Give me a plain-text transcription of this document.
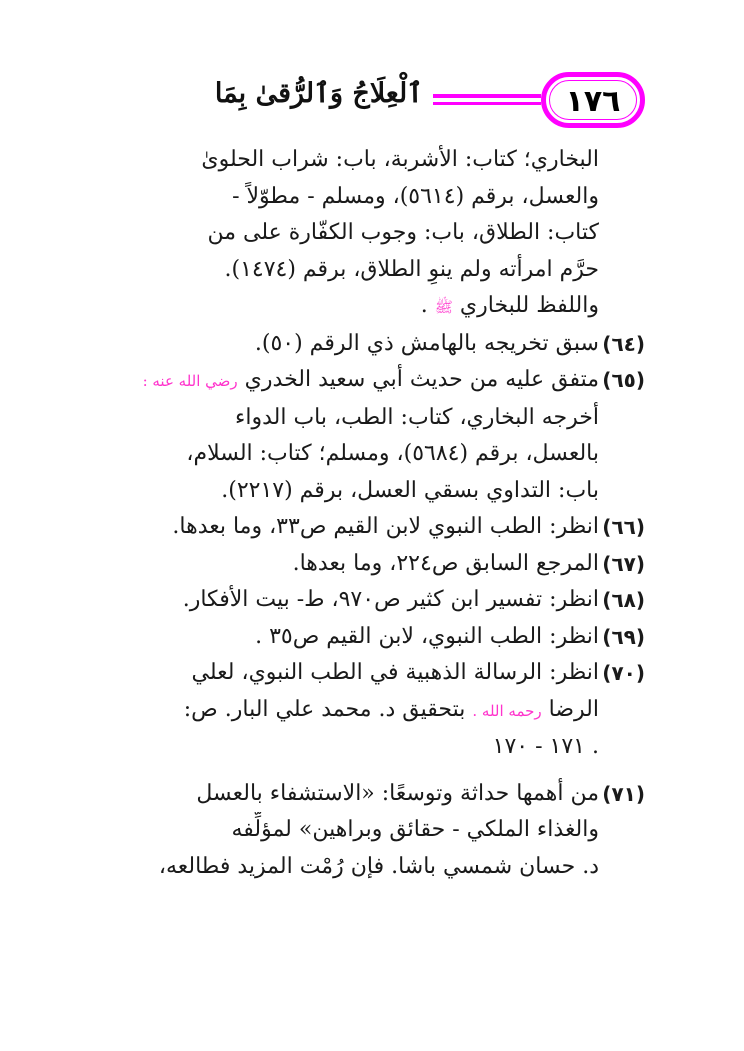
١٧٦
ٱلْعِلَاجُ وَٱلرُّقىٰ بِمَا
البخاري؛ كتاب: الأشربة، باب: شراب الحلوىٰ
والعسل، برقم (٥٦١٤)، ومسلم - مطوّلاً -
كتاب: الطلاق، باب: وجوب الكفّارة على من
حرَّم امرأته ولم ينوِ الطلاق، برقم (١٤٧٤).
واللفظ للبخاري ﷺ .
(٦٤)
سبق تخريجه بالهامش ذي الرقم (٥٠).
(٦٥)
متفق عليه من حديث أبي سعيد الخدري رضي الله عنه :
أخرجه البخاري، كتاب: الطب، باب الدواء
بالعسل، برقم (٥٦٨٤)، ومسلم؛ كتاب: السلام،
باب: التداوي بسقي العسل، برقم (٢٢١٧).
(٦٦)
انظر: الطب النبوي لابن القيم ص٣٣، وما بعدها.
(٦٧)
المرجع السابق ص٢٢٤، وما بعدها.
(٦٨)
انظر: تفسير ابن كثير ص٩٧٠، ط- بيت الأفكار.
(٦٩)
انظر: الطب النبوي، لابن القيم ص٣٥ .
(٧٠)
انظر: الرسالة الذهبية في الطب النبوي، لعلي
الرضا رحمه الله . بتحقيق د. محمد علي البار. ص:
. ١٧١ - ١٧٠
(٧١)
من أهمها حداثة وتوسعًا: «الاستشفاء بالعسل
والغذاء الملكي - حقائق وبراهين» لمؤلِّفه
د. حسان شمسي باشا. فإن رُمْت المزيد فطالعه،
